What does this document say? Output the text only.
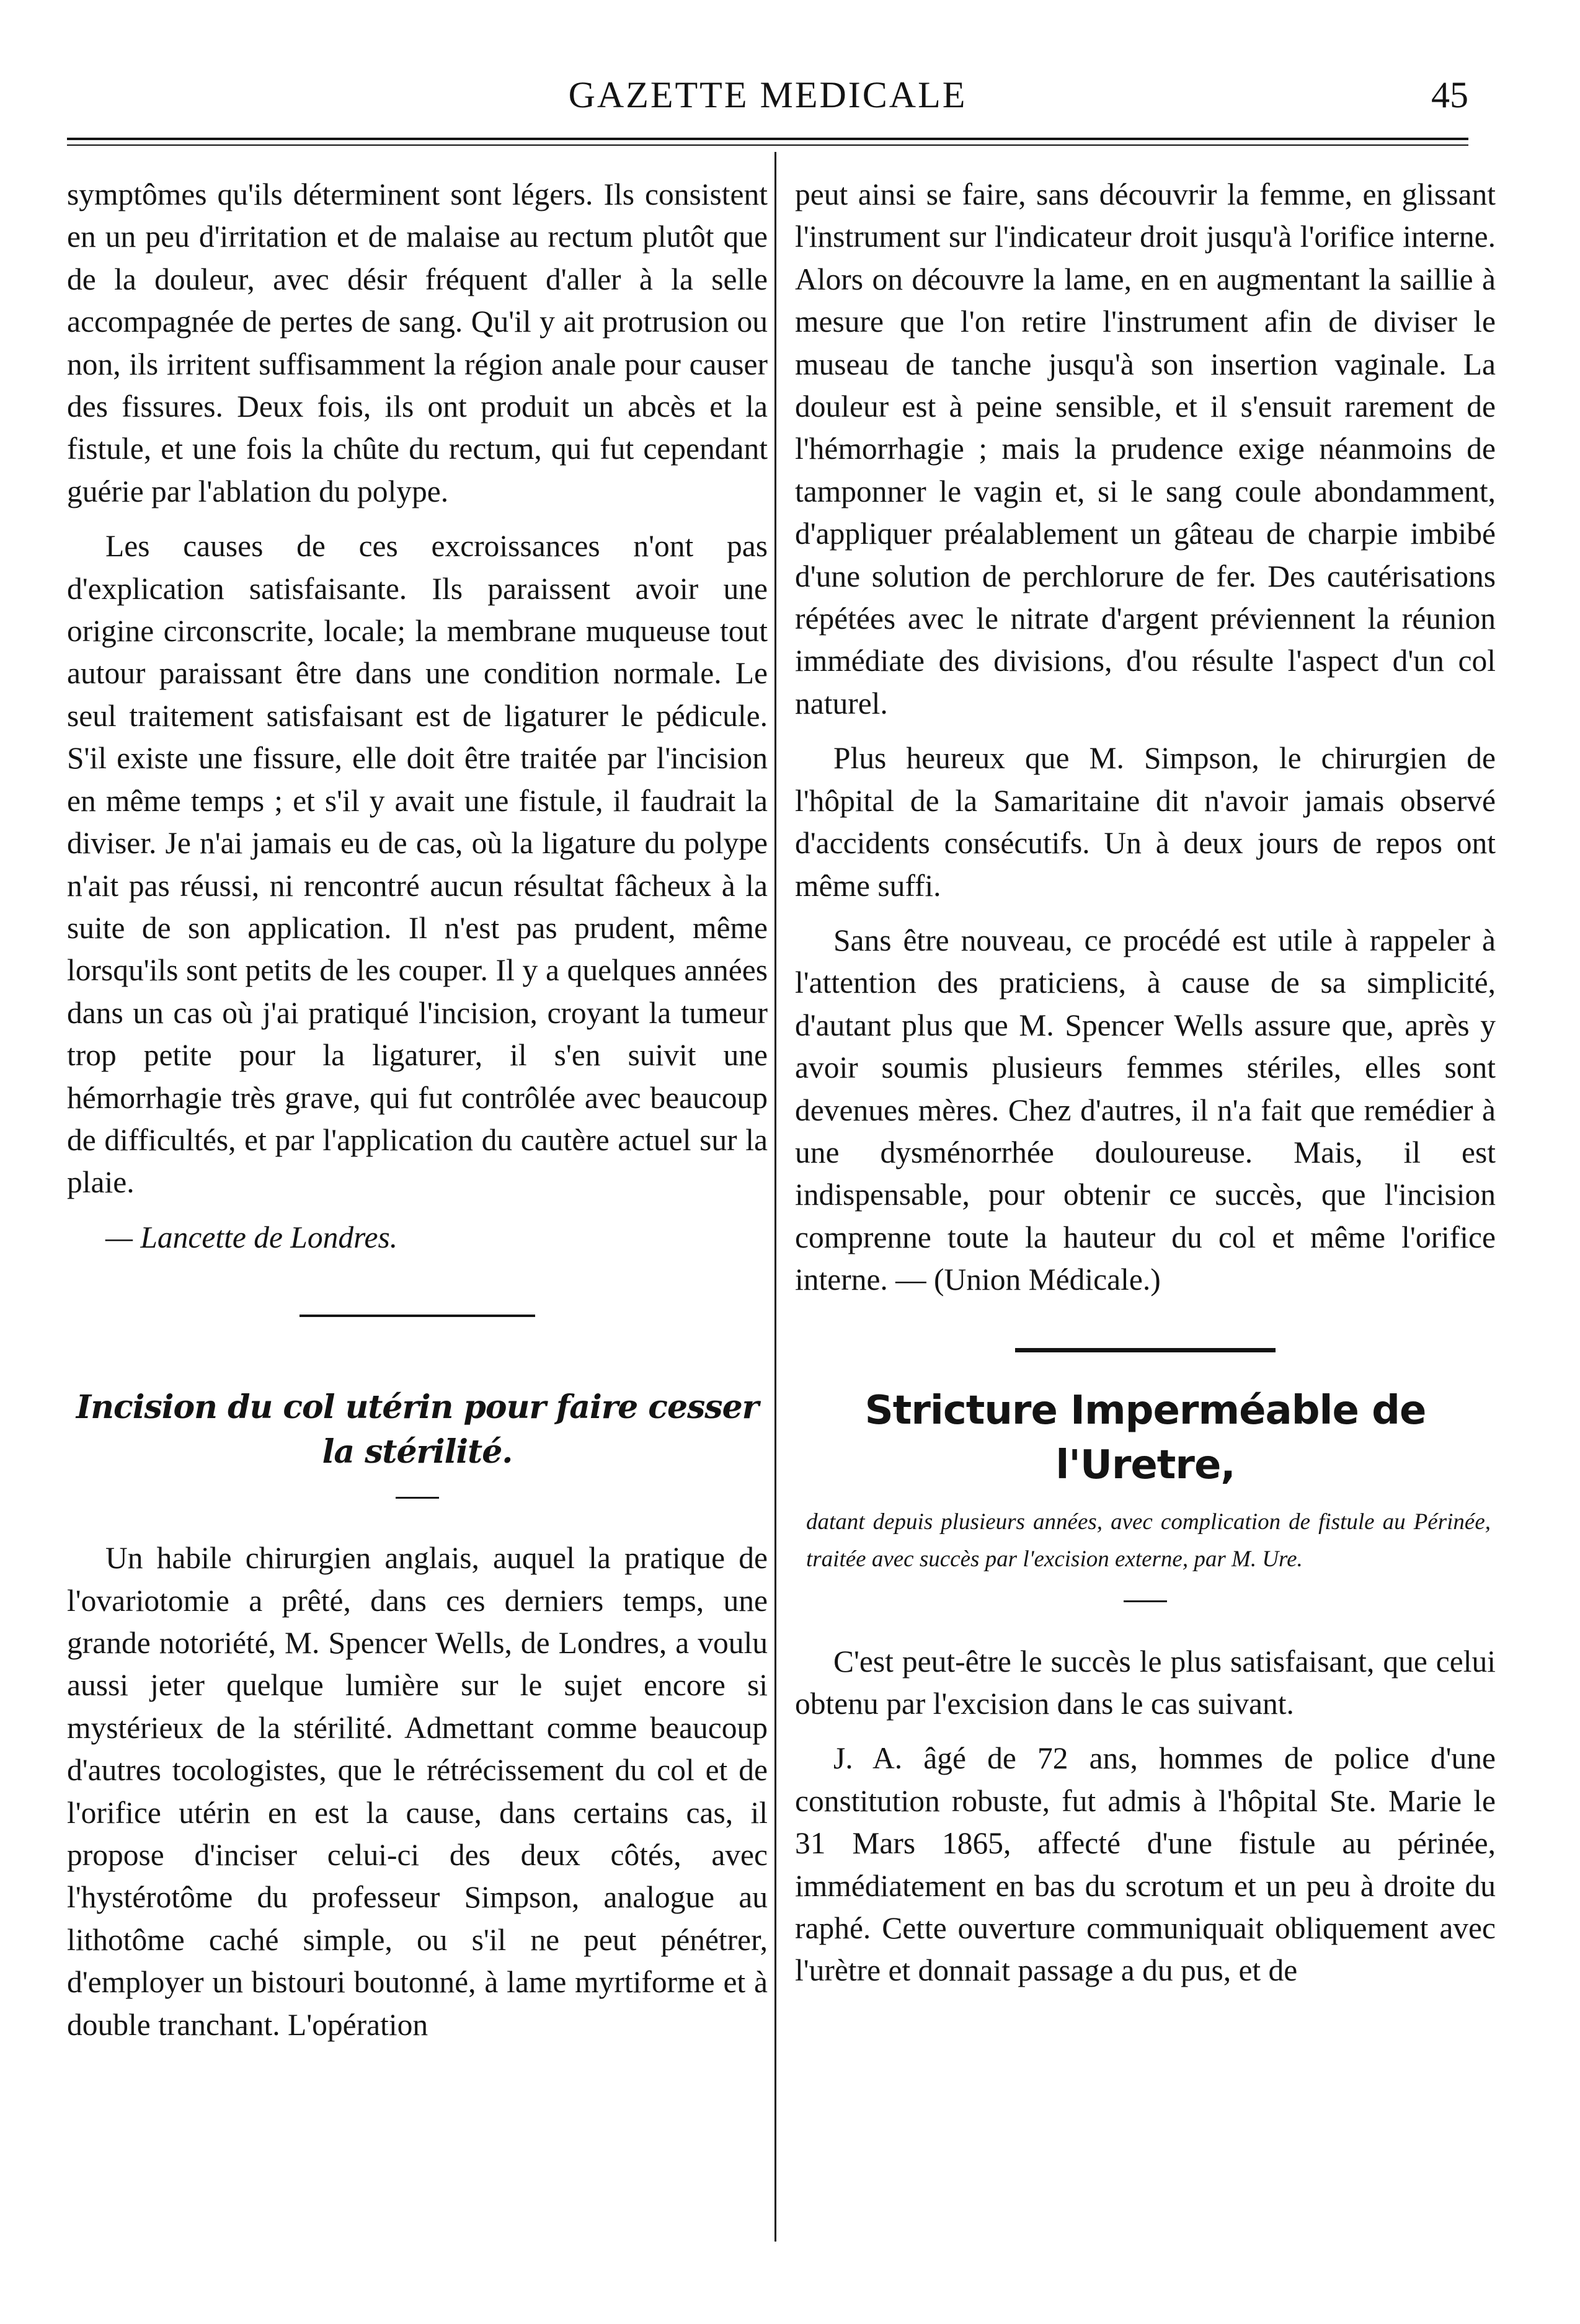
GAZETTE MEDICALE	45

symptômes qu'ils déterminent sont légers. Ils consistent en un peu d'irritation et de malaise au rectum plutôt que de la douleur, avec désir fréquent d'aller à la selle accompagnée de pertes de sang. Qu'il y ait protrusion ou non, ils irritent suffisamment la région anale pour causer des fissures. Deux fois, ils ont produit un abcès et la fistule, et une fois la chûte du rectum, qui fut cependant guérie par l'ablation du polype.

Les causes de ces excroissances n'ont pas d'explication satisfaisante. Ils paraissent avoir une origine circonscrite, locale; la membrane muqueuse tout autour paraissant être dans une condition normale. Le seul traitement satisfaisant est de ligaturer le pédicule. S'il existe une fissure, elle doit être traitée par l'incision en même temps ; et s'il y avait une fistule, il faudrait la diviser. Je n'ai jamais eu de cas, où la ligature du polype n'ait pas réussi, ni rencontré aucun résultat fâcheux à la suite de son application. Il n'est pas prudent, même lorsqu'ils sont petits de les couper. Il y a quelques années dans un cas où j'ai pratiqué l'incision, croyant la tumeur trop petite pour la ligaturer, il s'en suivit une hémorrhagie très grave, qui fut contrôlée avec beaucoup de difficultés, et par l'application du cautère actuel sur la plaie.

— Lancette de Londres.

Incision du col utérin pour faire cesser la stérilité.

Un habile chirurgien anglais, auquel la pratique de l'ovariotomie a prêté, dans ces derniers temps, une grande notoriété, M. Spencer Wells, de Londres, a voulu aussi jeter quelque lumière sur le sujet encore si mystérieux de la stérilité. Admettant comme beaucoup d'autres tocologistes, que le rétrécissement du col et de l'orifice utérin en est la cause, dans certains cas, il propose d'inciser celui-ci des deux côtés, avec l'hystérotôme du professeur Simpson, analogue au lithotôme caché simple, ou s'il ne peut pénétrer, d'employer un bistouri boutonné, à lame myrtiforme et à double tranchant. L'opération

peut ainsi se faire, sans découvrir la femme, en glissant l'instrument sur l'indicateur droit jusqu'à l'orifice interne. Alors on découvre la lame, en en augmentant la saillie à mesure que l'on retire l'instrument afin de diviser le museau de tanche jusqu'à son insertion vaginale. La douleur est à peine sensible, et il s'ensuit rarement de l'hémorrhagie ; mais la prudence exige néanmoins de tamponner le vagin et, si le sang coule abondamment, d'appliquer préalablement un gâteau de charpie imbibé d'une solution de perchlorure de fer. Des cautérisations répétées avec le nitrate d'argent préviennent la réunion immédiate des divisions, d'ou résulte l'aspect d'un col naturel.

Plus heureux que M. Simpson, le chirurgien de l'hôpital de la Samaritaine dit n'avoir jamais observé d'accidents consécutifs. Un à deux jours de repos ont même suffi.

Sans être nouveau, ce procédé est utile à rappeler à l'attention des praticiens, à cause de sa simplicité, d'autant plus que M. Spencer Wells assure que, après y avoir soumis plusieurs femmes stériles, elles sont devenues mères. Chez d'autres, il n'a fait que remédier à une dysménorrhée douloureuse. Mais, il est indispensable, pour obtenir ce succès, que l'incision comprenne toute la hauteur du col et même l'orifice interne. — (Union Médicale.)

Stricture Imperméable de l'Uretre,
datant depuis plusieurs années, avec complication de fistule au Périnée, traitée avec succès par l'excision externe, par M. Ure.

C'est peut-être le succès le plus satisfaisant, que celui obtenu par l'excision dans le cas suivant.

J. A. âgé de 72 ans, hommes de police d'une constitution robuste, fut admis à l'hôpital Ste. Marie le 31 Mars 1865, affecté d'une fistule au périnée, immédiatement en bas du scrotum et un peu à droite du raphé. Cette ouverture communiquait obliquement avec l'urètre et donnait passage a du pus, et de
